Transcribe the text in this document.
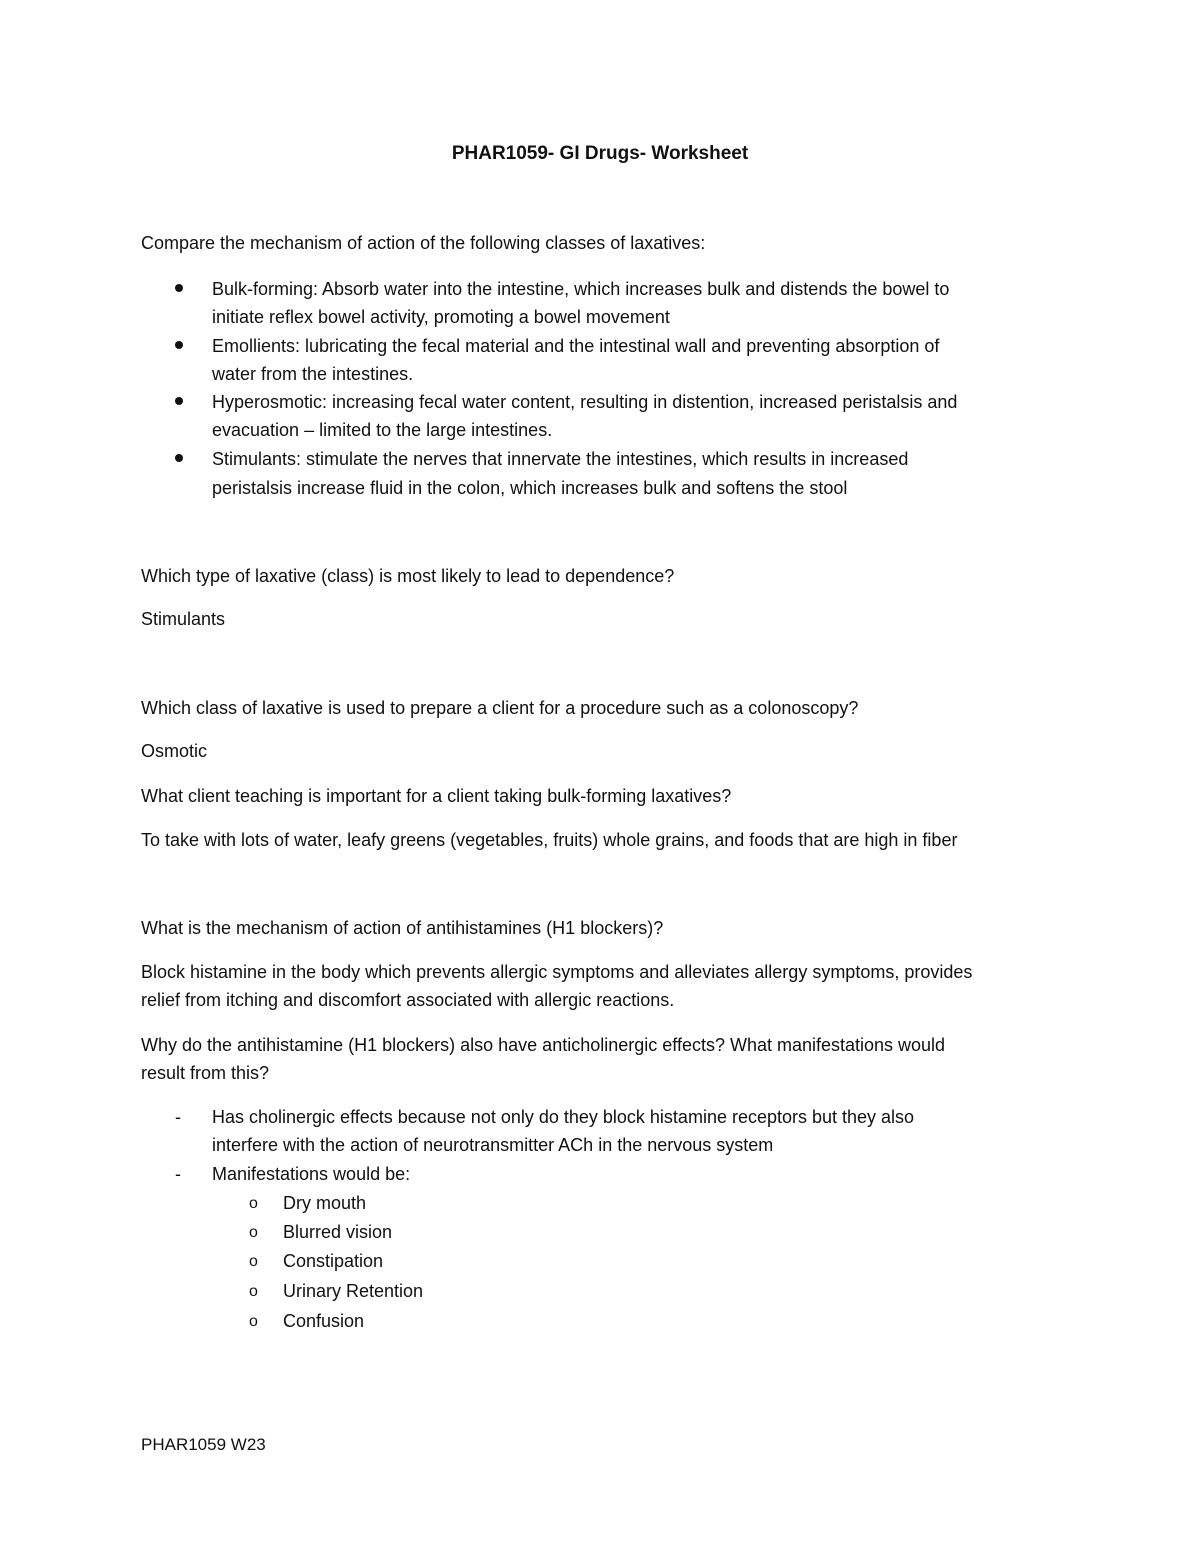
PHAR1059- GI Drugs- Worksheet
Compare the mechanism of action of the following classes of laxatives:
Bulk-forming: Absorb water into the intestine, which increases bulk and distends the bowel to
initiate reflex bowel activity, promoting a bowel movement
Emollients: lubricating the fecal material and the intestinal wall and preventing absorption of
water from the intestines.
Hyperosmotic: increasing fecal water content, resulting in distention, increased peristalsis and
evacuation – limited to the large intestines.
Stimulants: stimulate the nerves that innervate the intestines, which results in increased
peristalsis increase fluid in the colon, which increases bulk and softens the stool
Which type of laxative (class) is most likely to lead to dependence?
Stimulants
Which class of laxative is used to prepare a client for a procedure such as a colonoscopy?
Osmotic
What client teaching is important for a client taking bulk-forming laxatives?
To take with lots of water, leafy greens (vegetables, fruits) whole grains, and foods that are high in fiber
What is the mechanism of action of antihistamines (H1 blockers)?
Block histamine in the body which prevents allergic symptoms and alleviates allergy symptoms, provides
relief from itching and discomfort associated with allergic reactions.
Why do the antihistamine (H1 blockers) also have anticholinergic effects? What manifestations would
result from this?
- Has cholinergic effects because not only do they block histamine receptors but they also
interfere with the action of neurotransmitter ACh in the nervous system
- Manifestations would be:
o Dry mouth
o Blurred vision
o Constipation
o Urinary Retention
o Confusion
PHAR1059 W23
